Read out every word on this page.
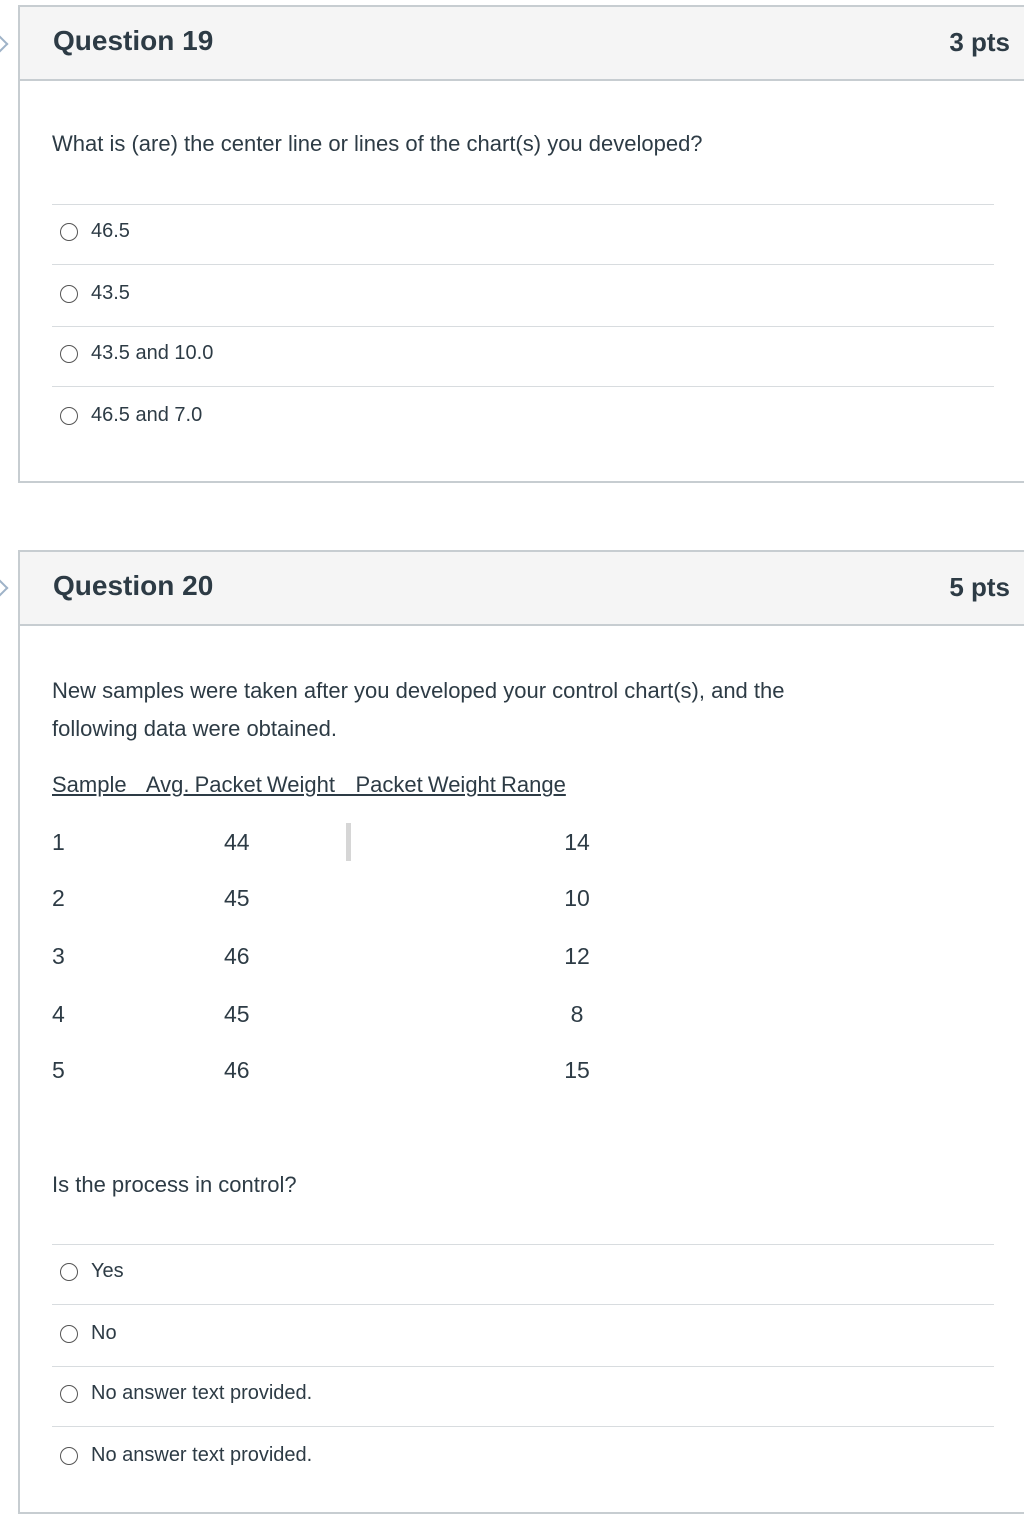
Question 19	3 pts
What is (are) the center line or lines of the chart(s) you developed?
46.5
43.5
43.5 and 10.0
46.5 and 7.0
Question 20	5 pts
New samples were taken after you developed your control chart(s), and the
following data were obtained.
Sample    Avg. Packet Weight    Packet Weight Range
1	44	14
2	45	10
3	46	12
4	45	8
5	46	15
Is the process in control?
Yes
No
No answer text provided.
No answer text provided.
